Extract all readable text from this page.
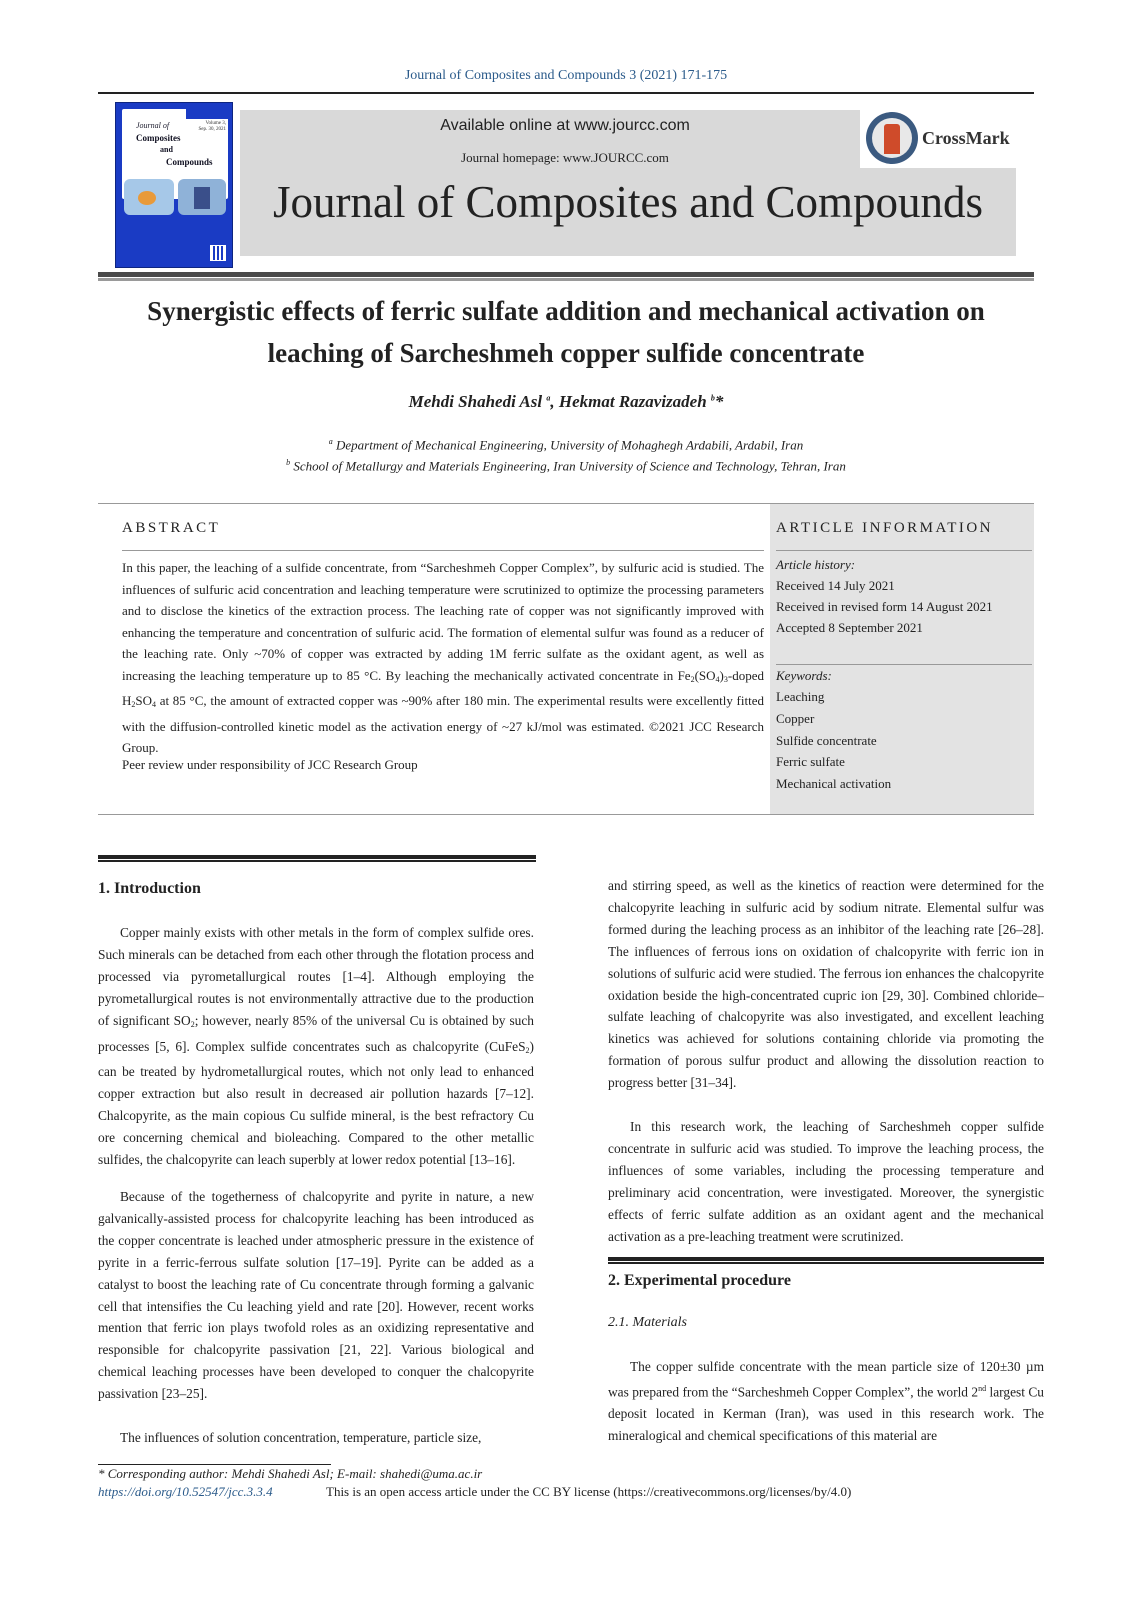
Journal of Composites and Compounds 3 (2021) 171-175
Volume 3, Sep. 30, 2021
Journal of
Composites
and
Compounds
Available online at www.jourcc.com
Journal homepage: www.JOURCC.com
Journal of Composites and Compounds
CrossMark
Synergistic effects of ferric sulfate addition and mechanical activation on leaching of Sarcheshmeh copper sulfide concentrate
Mehdi Shahedi Asl $^a$, Hekmat Razavizadeh $^b$*
$^a$ Department of Mechanical Engineering, University of Mohaghegh Ardabili, Ardabil, Iran
$^b$ School of Metallurgy and Materials Engineering, Iran University of Science and Technology, Tehran, Iran
ABSTRACT
In this paper, the leaching of a sulfide concentrate, from “Sarcheshmeh Copper Complex”, by sulfuric acid is studied. The influences of sulfuric acid concentration and leaching temperature were scrutinized to optimize the processing parameters and to disclose the kinetics of the extraction process. The leaching rate of copper was not significantly improved with enhancing the temperature and concentration of sulfuric acid. The formation of elemental sulfur was found as a reducer of the leaching rate. Only ~70% of copper was extracted by adding 1M ferric sulfate as the oxidant agent, as well as increasing the leaching temperature up to 85 °C. By leaching the mechanically activated concentrate in $Fe_2(SO_4)_3$-doped $H_2SO_4$ at 85 °C, the amount of extracted copper was ~90% after 180 min. The experimental results were excellently fitted with the diffusion-controlled kinetic model as the activation energy of ~27 kJ/mol was estimated. ©2021 JCC Research Group.
Peer review under responsibility of JCC Research Group
ARTICLE INFORMATION
Article history:
Received 14 July 2021
Received in revised form 14 August 2021
Accepted 8 September 2021
Keywords:
Leaching
Copper
Sulfide concentrate
Ferric sulfate
Mechanical activation
1. Introduction
Copper mainly exists with other metals in the form of complex sulfide ores. Such minerals can be detached from each other through the flotation process and processed via pyrometallurgical routes [1–4]. Although employing the pyrometallurgical routes is not environmentally attractive due to the production of significant $SO_2$; however, nearly 85% of the universal Cu is obtained by such processes [5, 6]. Complex sulfide concentrates such as chalcopyrite (CuFeS$_2$) can be treated by hydrometallurgical routes, which not only lead to enhanced copper extraction but also result in decreased air pollution hazards [7–12]. Chalcopyrite, as the main copious Cu sulfide mineral, is the best refractory Cu ore concerning chemical and bioleaching. Compared to the other metallic sulfides, the chalcopyrite can leach superbly at lower redox potential [13–16].
Because of the togetherness of chalcopyrite and pyrite in nature, a new galvanically-assisted process for chalcopyrite leaching has been introduced as the copper concentrate is leached under atmospheric pressure in the existence of pyrite in a ferric-ferrous sulfate solution [17–19]. Pyrite can be added as a catalyst to boost the leaching rate of Cu concentrate through forming a galvanic cell that intensifies the Cu leaching yield and rate [20]. However, recent works mention that ferric ion plays twofold roles as an oxidizing representative and responsible for chalcopyrite passivation [21, 22]. Various biological and chemical leaching processes have been developed to conquer the chalcopyrite passivation [23–25].
The influences of solution concentration, temperature, particle size,
and stirring speed, as well as the kinetics of reaction were determined for the chalcopyrite leaching in sulfuric acid by sodium nitrate. Elemental sulfur was formed during the leaching process as an inhibitor of the leaching rate [26–28]. The influences of ferrous ions on oxidation of chalcopyrite with ferric ion in solutions of sulfuric acid were studied. The ferrous ion enhances the chalcopyrite oxidation beside the high-concentrated cupric ion [29, 30]. Combined chloride–sulfate leaching of chalcopyrite was also investigated, and excellent leaching kinetics was achieved for solutions containing chloride via promoting the formation of porous sulfur product and allowing the dissolution reaction to progress better [31–34].
In this research work, the leaching of Sarcheshmeh copper sulfide concentrate in sulfuric acid was studied. To improve the leaching process, the influences of some variables, including the processing temperature and preliminary acid concentration, were investigated. Moreover, the synergistic effects of ferric sulfate addition as an oxidant agent and the mechanical activation as a pre-leaching treatment were scrutinized.
2. Experimental procedure
2.1. Materials
The copper sulfide concentrate with the mean particle size of 120±30 µm was prepared from the “Sarcheshmeh Copper Complex”, the world 2nd largest Cu deposit located in Kerman (Iran), was used in this research work. The mineralogical and chemical specifications of this material are
* Corresponding author: Mehdi Shahedi Asl; E-mail: shahedi@uma.ac.ir
https://doi.org/10.52547/jcc.3.3.4	This is an open access article under the CC BY license (https://creativecommons.org/licenses/by/4.0)
